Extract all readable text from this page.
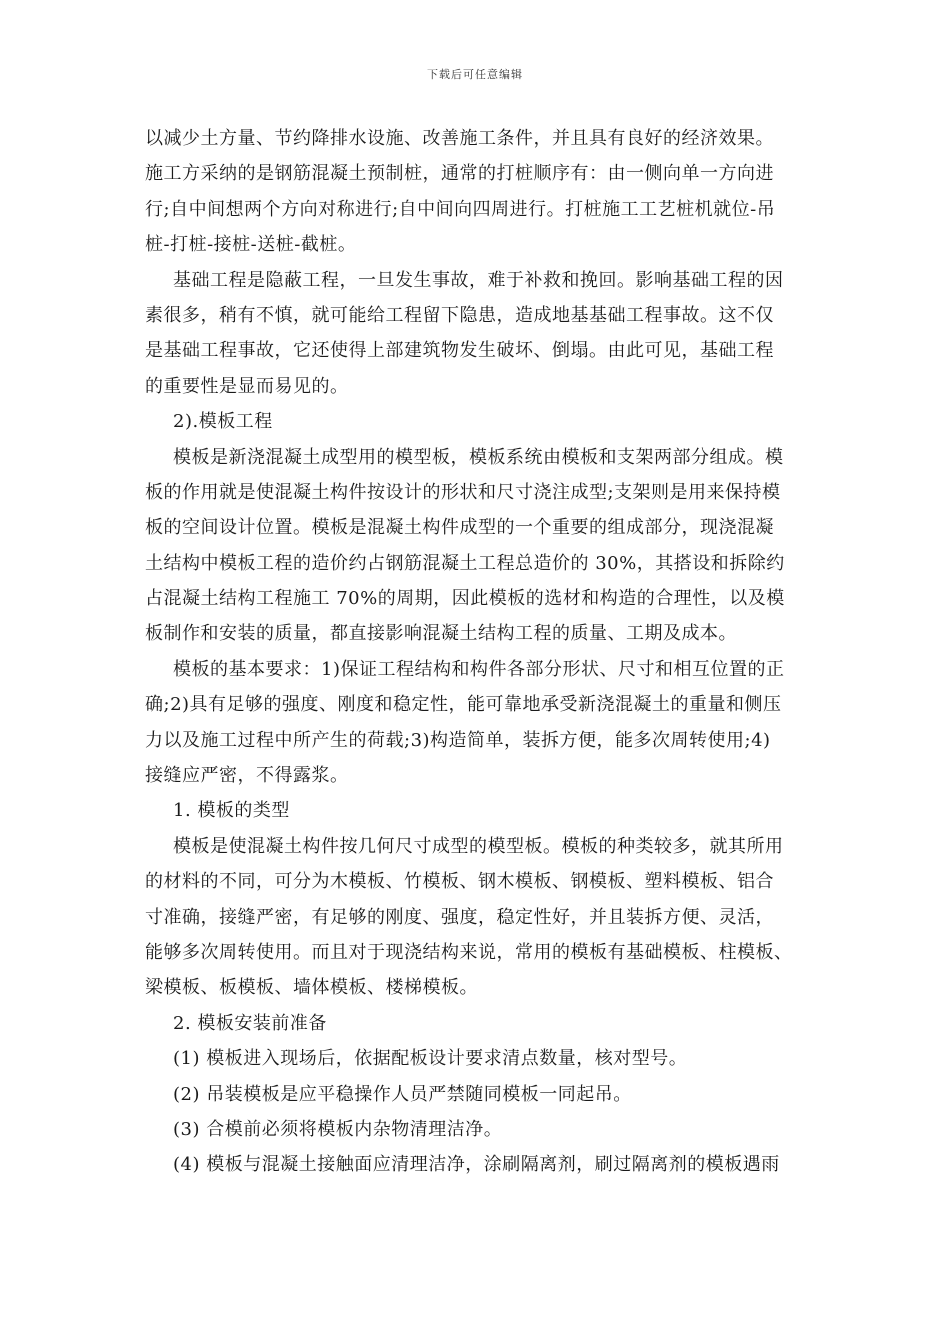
下载后可任意编辑
以减少土方量、节约降排水设施、改善施工条件，并且具有良好的经济效果。
施工方采纳的是钢筋混凝土预制桩，通常的打桩顺序有：由一侧向单一方向进
行;自中间想两个方向对称进行;自中间向四周进行。打桩施工工艺桩机就位-吊
桩-打桩-接桩-送桩-截桩。
基础工程是隐蔽工程，一旦发生事故，难于补救和挽回。影响基础工程的因
素很多，稍有不慎，就可能给工程留下隐患，造成地基基础工程事故。这不仅
是基础工程事故，它还使得上部建筑物发生破坏、倒塌。由此可见，基础工程
的重要性是显而易见的。
2).模板工程
模板是新浇混凝土成型用的模型板，模板系统由模板和支架两部分组成。模
板的作用就是使混凝土构件按设计的形状和尺寸浇注成型;支架则是用来保持模
板的空间设计位置。模板是混凝土构件成型的一个重要的组成部分，现浇混凝
土结构中模板工程的造价约占钢筋混凝土工程总造价的 30%，其搭设和拆除约
占混凝土结构工程施工 70%的周期，因此模板的选材和构造的合理性，以及模
板制作和安装的质量，都直接影响混凝土结构工程的质量、工期及成本。
模板的基本要求：1)保证工程结构和构件各部分形状、尺寸和相互位置的正
确;2)具有足够的强度、刚度和稳定性，能可靠地承受新浇混凝土的重量和侧压
力以及施工过程中所产生的荷载;3)构造简单，装拆方便，能多次周转使用;4)
接缝应严密，不得露浆。
1. 模板的类型
模板是使混凝土构件按几何尺寸成型的模型板。模板的种类较多，就其所用
的材料的不同，可分为木模板、竹模板、钢木模板、钢模板、塑料模板、铝合
寸准确，接缝严密，有足够的刚度、强度，稳定性好，并且装拆方便、灵活，
能够多次周转使用。而且对于现浇结构来说，常用的模板有基础模板、柱模板、
梁模板、板模板、墙体模板、楼梯模板。
2. 模板安装前准备
(1) 模板进入现场后，依据配板设计要求清点数量，核对型号。
(2) 吊装模板是应平稳操作人员严禁随同模板一同起吊。
(3) 合模前必须将模板内杂物清理洁净。
(4) 模板与混凝土接触面应清理洁净，涂刷隔离剂，刷过隔离剂的模板遇雨
